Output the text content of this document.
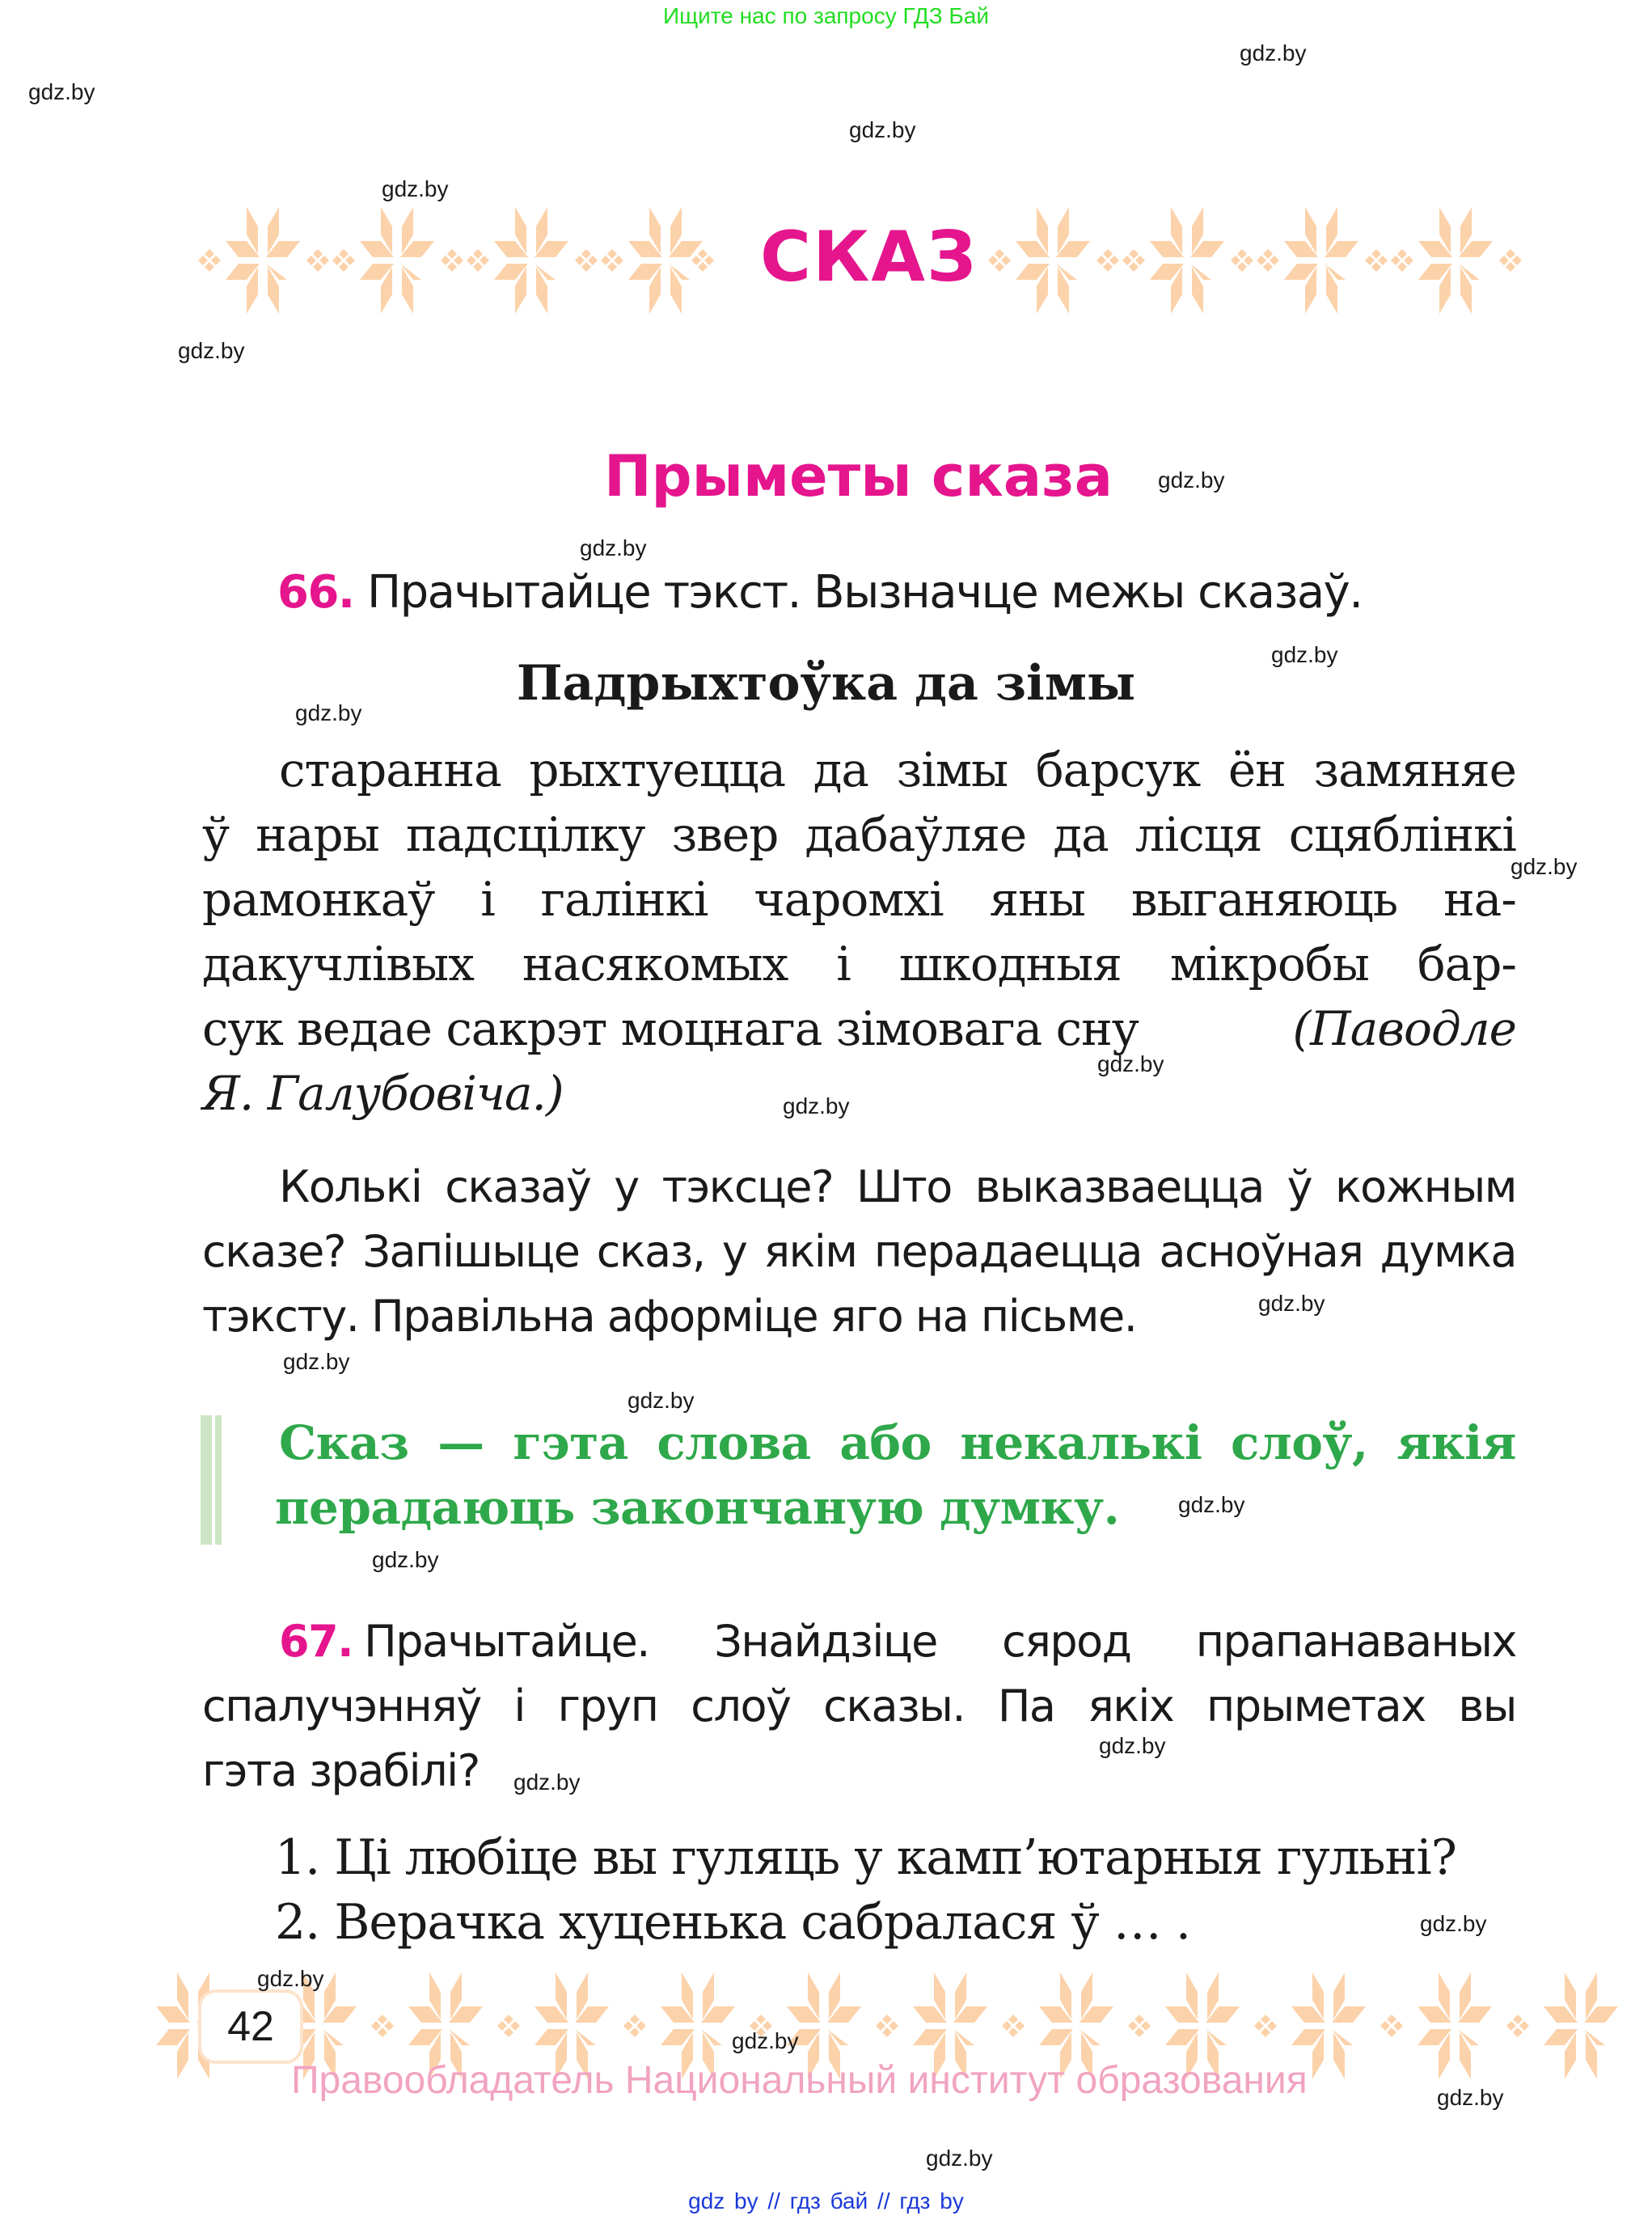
Ищите нас по запросу ГДЗ Бай
СКАЗ
Прыметы сказа
66. Прачытайце тэкст. Вызначце межы сказаў.
Падрыхтоўка да зімы
старанна рыхтуецца да зімы барсук ён замяняе
ў нары падсцілку звер дабаўляе да лісця сцяблінкі
рамонкаў і галінкі чаромхі яны выганяюць на-
дакучлівых насякомых і шкодныя мікробы бар-
сук ведае сакрэт моцнага зімовага сну	(Паводле
Я. Галубовіча.)
Колькі сказаў у тэксце? Што выказваецца ў кожным
сказе? Запішыце сказ, у якім перадаецца асноўная думка
тэксту. Правільна аформіце яго на пісьме.
Сказ — гэта слова або некалькі слоў, якія
перадаюць закончаную думку.
67. Прачытайце. Знайдзіце сярод прапанаваных
спалучэнняў і груп слоў сказы. Па якіх прыметах вы
гэта зрабілі?
1. Ці любіце вы гуляць у камп’ютарныя гульні?
2. Верачка хуценька сабралася ў … .
42
Правообладатель Национальный институт образования
gdz by // гдз бай // гдз by
gdz.by
gdz.by
gdz.by
gdz.by
gdz.by
gdz.by
gdz.by
gdz.by
gdz.by
gdz.by
gdz.by
gdz.by
gdz.by
gdz.by
gdz.by
gdz.by
gdz.by
gdz.by
gdz.by
gdz.by
gdz.by
gdz.by
gdz.by
gdz.by
